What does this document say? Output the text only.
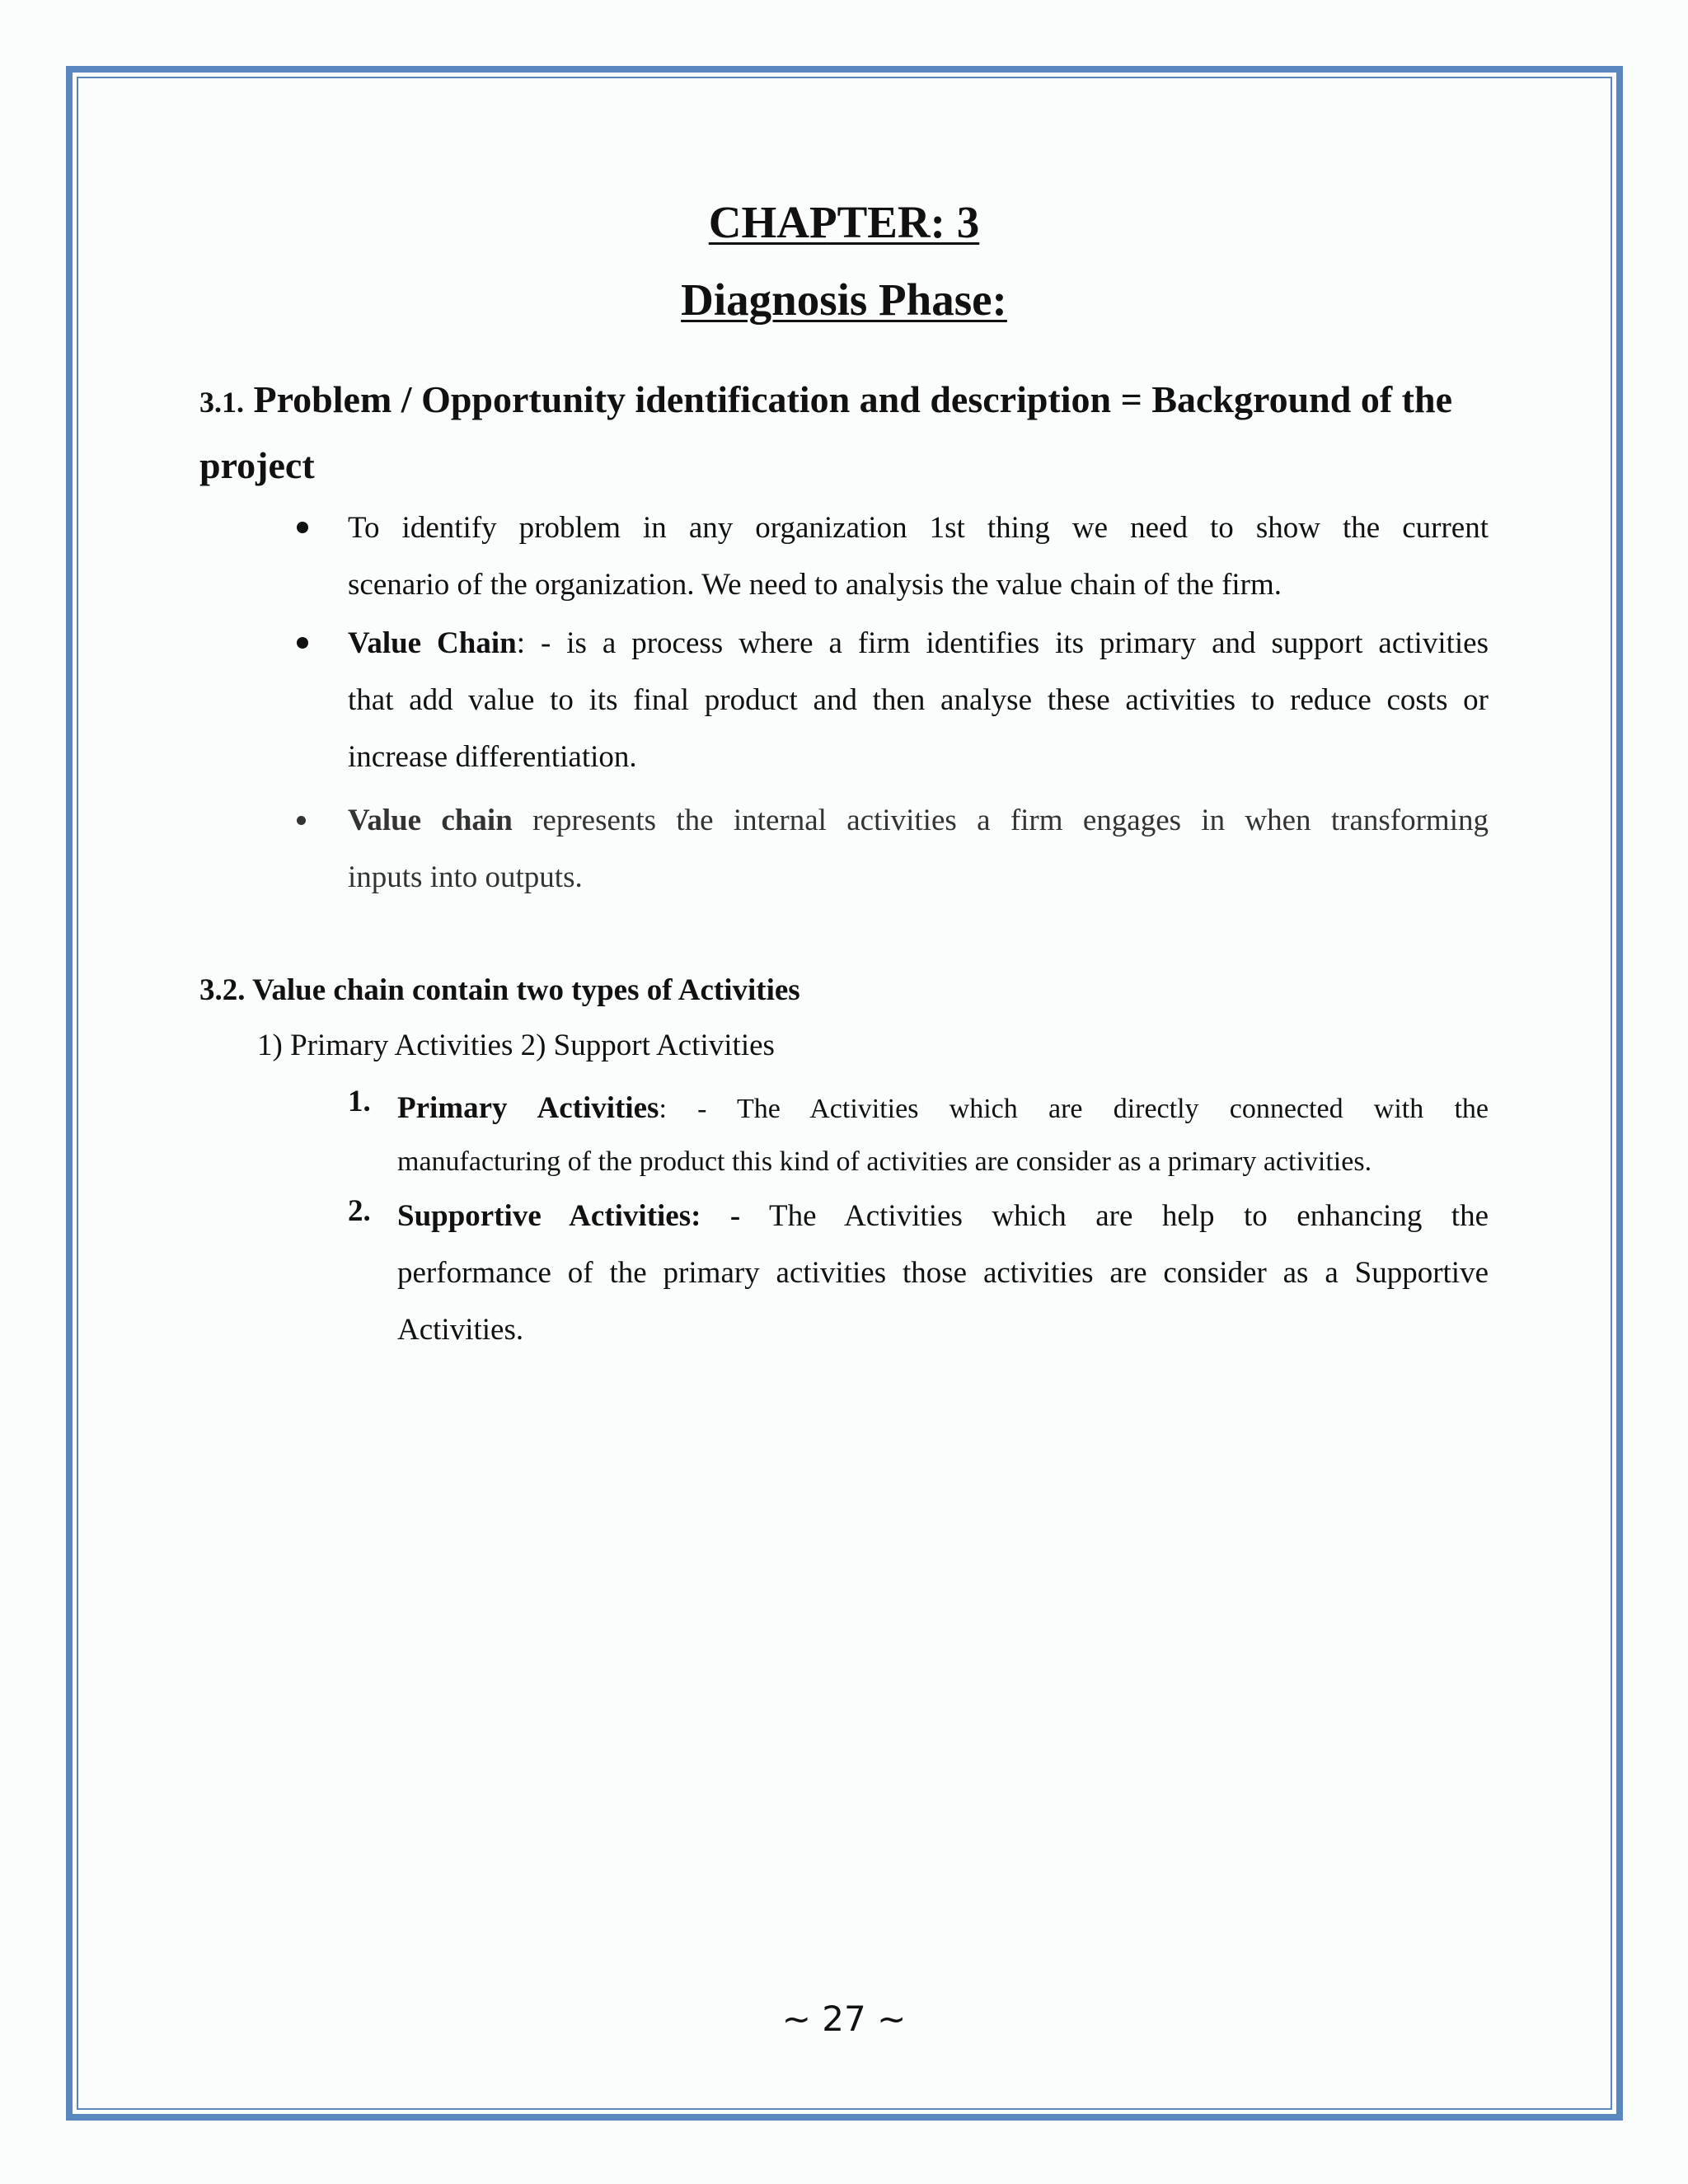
CHAPTER: 3
Diagnosis Phase:
3.1. Problem / Opportunity identification and description = Background of the
project
To identify problem in any organization 1st thing we need to show the current
scenario of the organization. We need to analysis the value chain of the firm.
Value Chain: - is a process where a firm identifies its primary and support activities
that add value to its final product and then analyse these activities to reduce costs or
increase differentiation.
Value chain represents the internal activities a firm engages in when transforming
inputs into outputs.
3.2. Value chain contain two types of Activities
1) Primary Activities 2) Support Activities
1. Primary Activities: - The Activities which are directly connected with the
manufacturing of the product this kind of activities are consider as a primary activities.
2. Supportive Activities: - The Activities which are help to enhancing the
performance of the primary activities those activities are consider as a Supportive
Activities.
~ 27 ~
